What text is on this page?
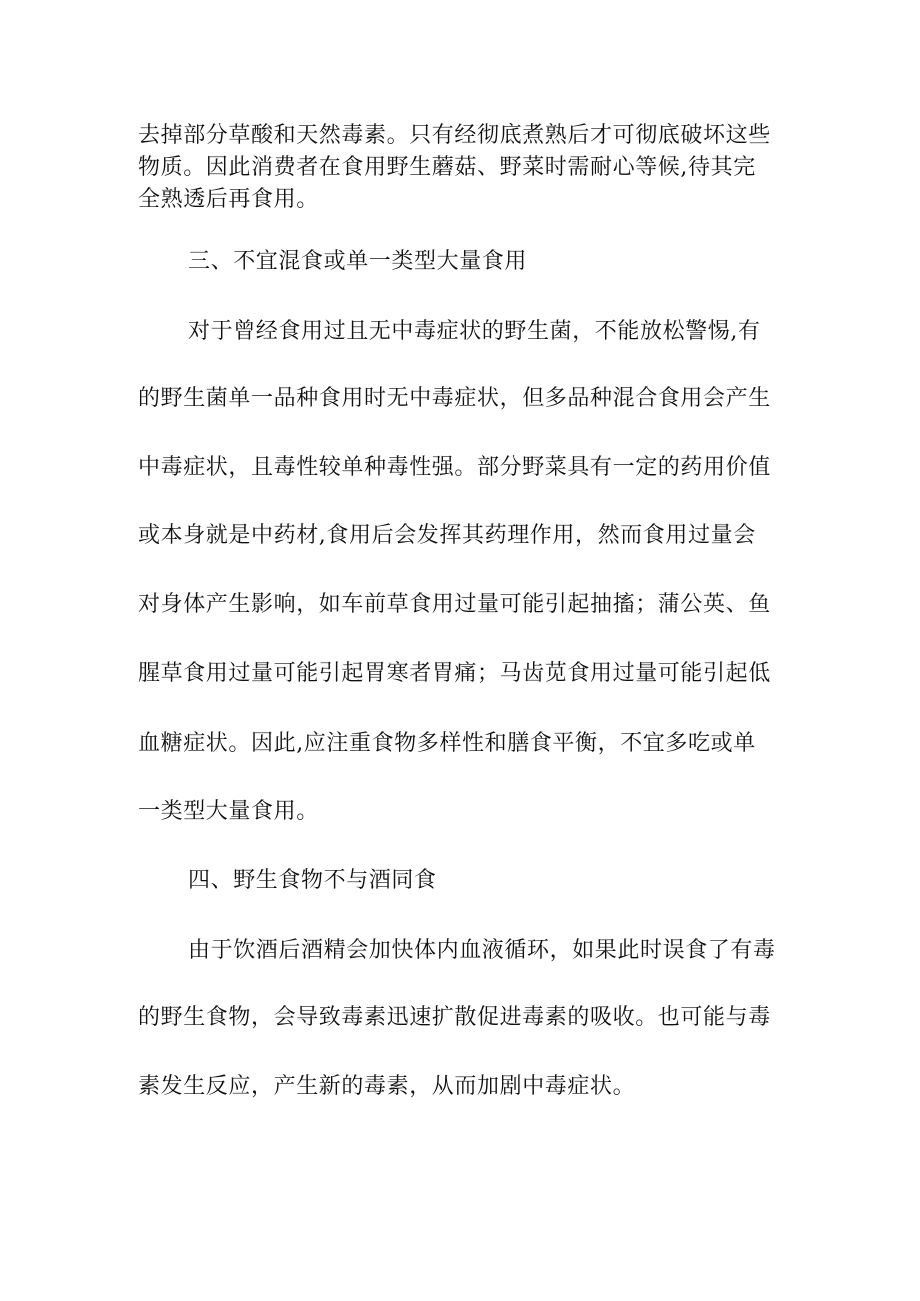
去掉部分草酸和天然毒素。只有经彻底煮熟后才可彻底破坏这些
物质。因此消费者在食用野生蘑菇、野菜时需耐心等候,待其完
全熟透后再食用。
三、不宜混食或单一类型大量食用
对于曾经食用过且无中毒症状的野生菌，不能放松警惕,有
的野生菌单一品种食用时无中毒症状，但多品种混合食用会产生
中毒症状，且毒性较单种毒性强。部分野菜具有一定的药用价值
或本身就是中药材,食用后会发挥其药理作用，然而食用过量会
对身体产生影响，如车前草食用过量可能引起抽搐；蒲公英、鱼
腥草食用过量可能引起胃寒者胃痛；马齿苋食用过量可能引起低
血糖症状。因此,应注重食物多样性和膳食平衡，不宜多吃或单
一类型大量食用。
四、野生食物不与酒同食
由于饮酒后酒精会加快体内血液循环，如果此时误食了有毒
的野生食物，会导致毒素迅速扩散促进毒素的吸收。也可能与毒
素发生反应，产生新的毒素，从而加剧中毒症状。
